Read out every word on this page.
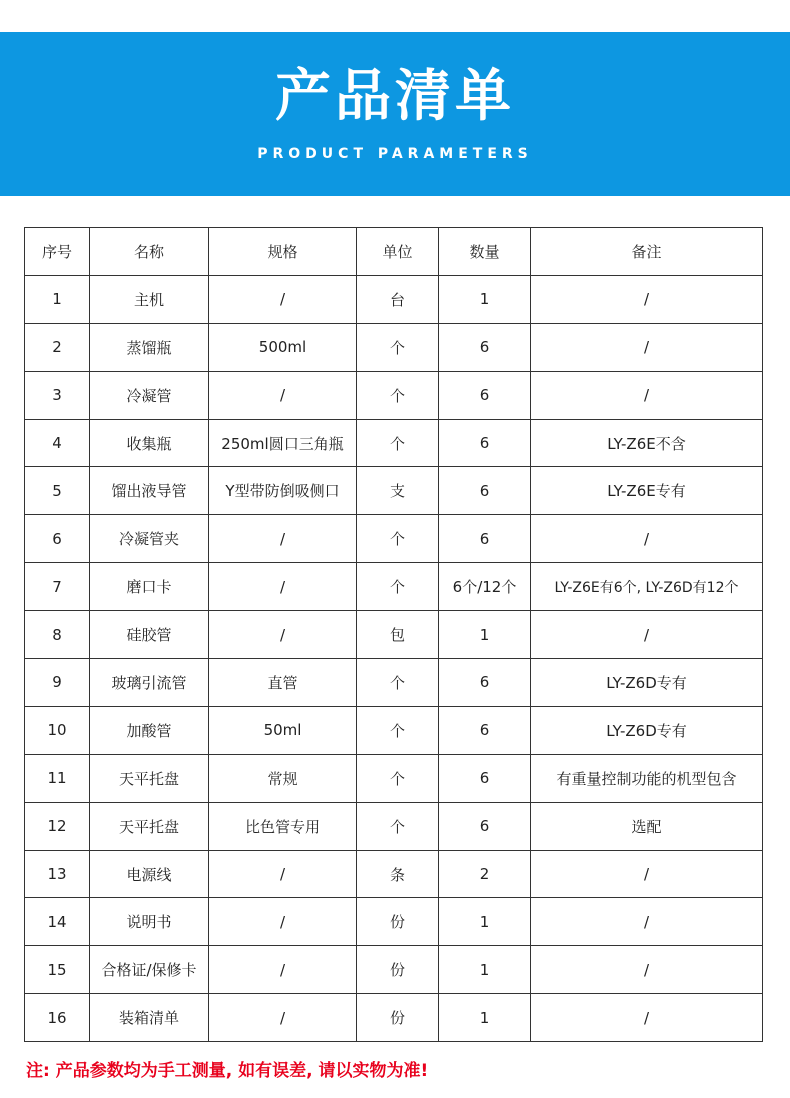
产品清单
PRODUCT PARAMETERS
序号	名称	规格	单位	数量	备注
1	主机	/	台	1	/
2	蒸馏瓶	500ml	个	6	/
3	冷凝管	/	个	6	/
4	收集瓶	250ml圆口三角瓶	个	6	LY-Z6E不含
5	馏出液导管	Y型带防倒吸侧口	支	6	LY-Z6E专有
6	冷凝管夹	/	个	6	/
7	磨口卡	/	个	6个/12个	LY-Z6E有6个, LY-Z6D有12个
8	硅胶管	/	包	1	/
9	玻璃引流管	直管	个	6	LY-Z6D专有
10	加酸管	50ml	个	6	LY-Z6D专有
11	天平托盘	常规	个	6	有重量控制功能的机型包含
12	天平托盘	比色管专用	个	6	选配
13	电源线	/	条	2	/
14	说明书	/	份	1	/
15	合格证/保修卡	/	份	1	/
16	装箱清单	/	份	1	/
注: 产品参数均为手工测量, 如有误差, 请以实物为准!
